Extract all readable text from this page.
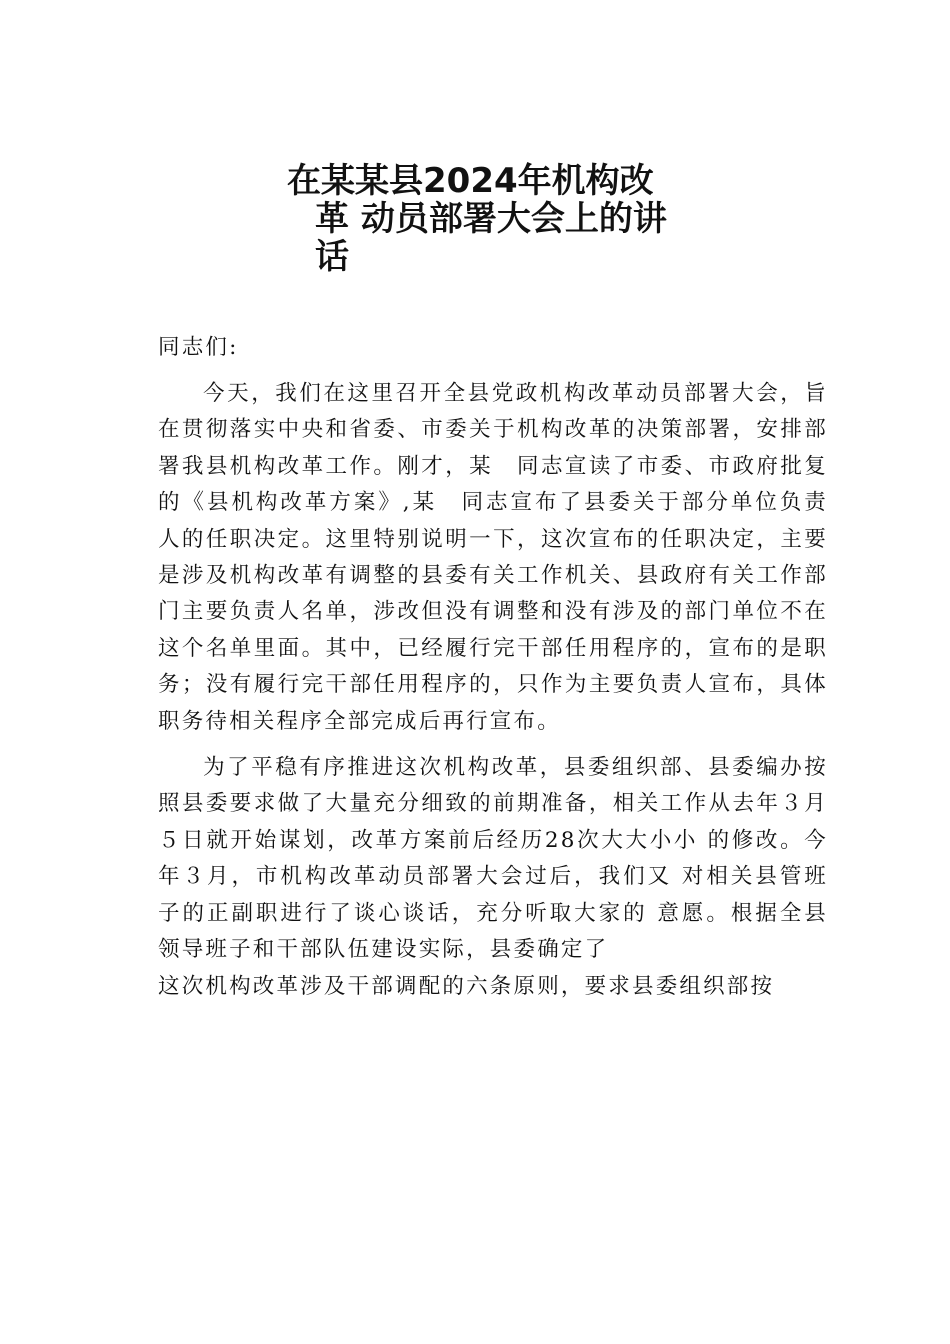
在某某县2024年机构改
革 动员部署大会上的讲
话

同志们:

今天，我们在这里召开全县党政机构改革动员部署大会，旨在贯彻落实中央和省委、市委关于机构改革的决策部署，安排部署我县机构改革工作。刚才，某　同志宣读了市委、市政府批复的《县机构改革方案》,某　同志宣布了县委关于部分单位负责人的任职决定。这里特别说明一下，这次宣布的任职决定，主要是涉及机构改革有调整的县委有关工作机关、县政府有关工作部门主要负责人名单，涉改但没有调整和没有涉及的部门单位不在这个名单里面。其中，已经履行完干部任用程序的，宣布的是职务；没有履行完干部任用程序的，只作为主要负责人宣布，具体职务待相关程序全部完成后再行宣布。

为了平稳有序推进这次机构改革，县委组织部、县委编办按照县委要求做了大量充分细致的前期准备，相关工作从去年３月５日就开始谋划，改革方案前后经历28次大大小小 的修改。今年３月，市机构改革动员部署大会过后，我们又 对相关县管班子的正副职进行了谈心谈话，充分听取大家的 意愿。根据全县领导班子和干部队伍建设实际，县委确定了

这次机构改革涉及干部调配的六条原则，要求县委组织部按
